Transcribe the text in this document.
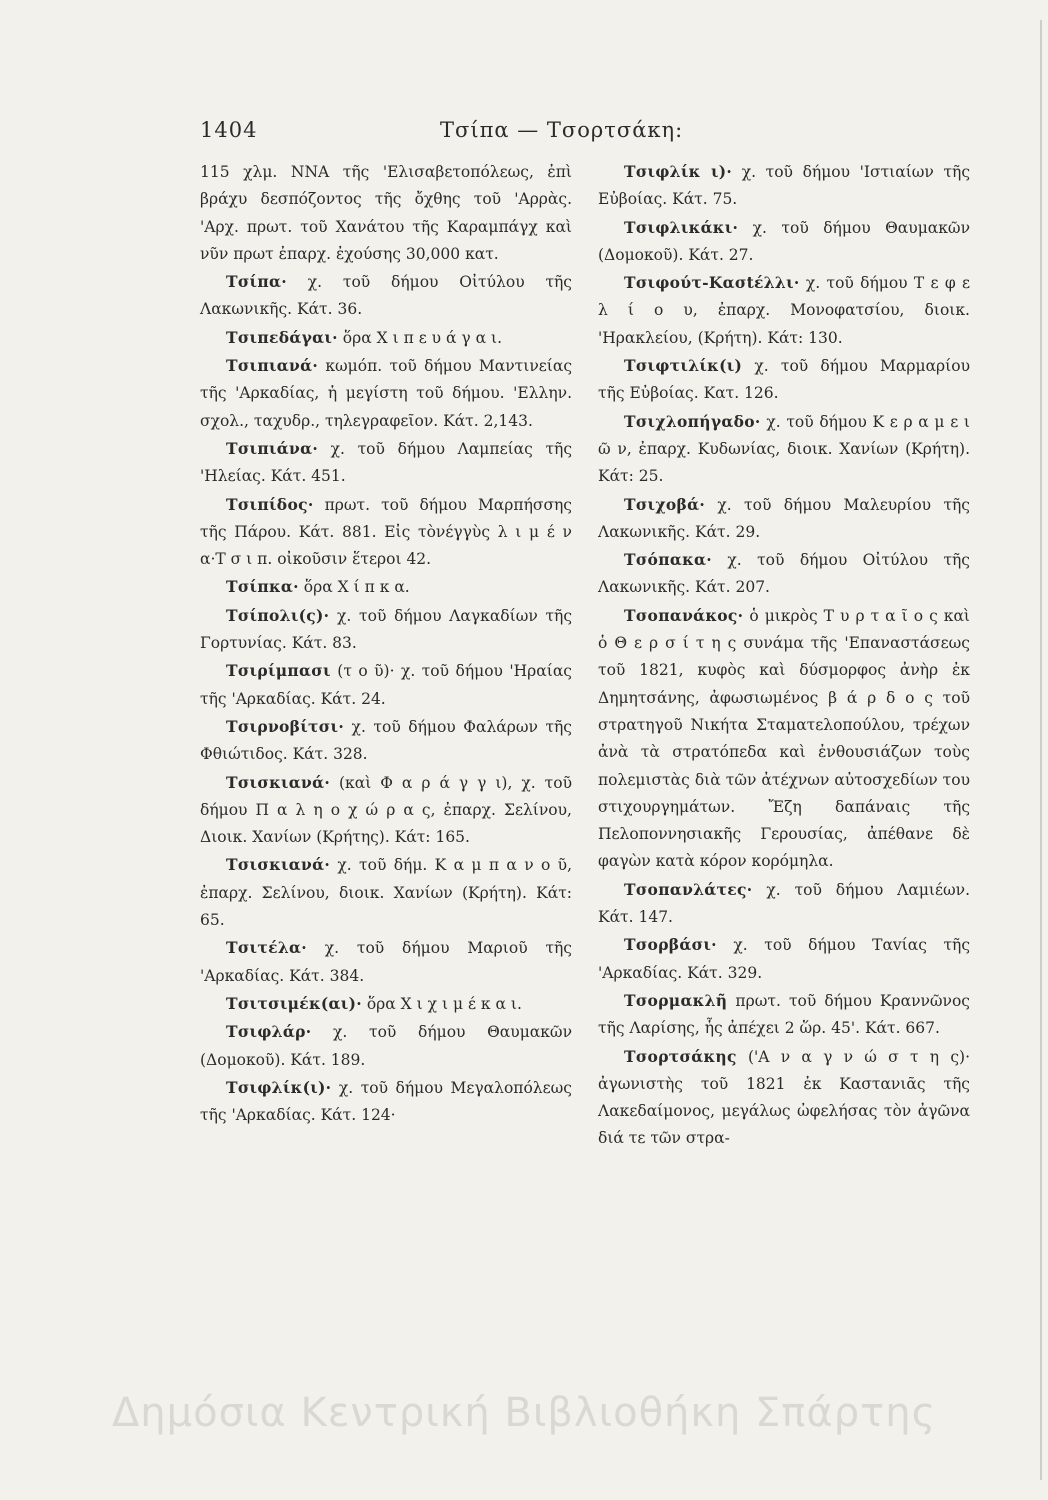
1404	Τσίπα — Τσορτσάκη:

115 χλμ. ΝΝΑ τῆς 'Ελισαβετοπόλεως, ἐπὶ βράχυ δεσπόζοντος τῆς ὄχθης τοῦ 'Αρρὰς. 'Αρχ. πρωτ. τοῦ Χανάτου τῆς Καραμπάγχ καὶ νῦν πρωτ ἐπαρχ. ἐχούσης 30,000 κατ.

Τσίπα· χ. τοῦ δήμου Οἰτύλου τῆς Λακωνικῆς. Κάτ. 36.

Τσιπεδάγαι· ὅρα Χ ι π ε υ ά γ α ι.

Τσιπιανά· κωμόπ. τοῦ δήμου Μαντινείας τῆς 'Αρκαδίας, ἡ μεγίστη τοῦ δήμου. 'Ελλην. σχολ., ταχυδρ., τηλεγραφεῖον. Κάτ. 2,143.

Τσιπιάνα· χ. τοῦ δήμου Λαμπείας τῆς 'Ηλείας. Κάτ. 451.

Τσιπίδος· πρωτ. τοῦ δήμου Μαρπήσσης τῆς Πάρου. Κάτ. 881. Εἰς τὸνέγγὺς λ ι μ έ ν α·Τ σ ι π. οἰκοῦσιν ἕτεροι 42.

Τσίπκα· ὅρα Χ ί π κ α.

Τσίπολι(ς)· χ. τοῦ δήμου Λαγκαδίων τῆς Γορτυνίας. Κάτ. 83.

Τσιρίμπασι (τ ο ῦ)· χ. τοῦ δήμου 'Ηραίας τῆς 'Αρκαδίας. Κάτ. 24.

Τσιρνοβίτσι· χ. τοῦ δήμου Φαλάρων τῆς Φθιώτιδος. Κάτ. 328.

Τσισκιανά· (καὶ Φ α ρ ά γ γ ι), χ. τοῦ δήμου Π α λ η ο χ ώ ρ α ς, ἐπαρχ. Σελίνου, Διοικ. Χανίων (Κρήτης). Κάτ: 165.

Τσισκιανά· χ. τοῦ δήμ. Κ α μ π α ν ο ῦ, ἐπαρχ. Σελίνου, διοικ. Χανίων (Κρήτη). Κάτ: 65.

Τσιτέλα· χ. τοῦ δήμου Μαριοῦ τῆς 'Αρκαδίας. Κάτ. 384.

Τσιτσιμέκ(αι)· ὅρα Χ ι χ ι μ έ κ α ι.

Τσιφλάρ· χ. τοῦ δήμου Θαυμακῶν (Δομοκοῦ). Κάτ. 189.

Τσιφλίκ(ι)· χ. τοῦ δήμου Μεγαλοπόλεως τῆς 'Αρκαδίας. Κάτ. 124·

Τσιφλίκ ι)· χ. τοῦ δήμου 'Ιστιαίων τῆς Εὐβοίας. Κάτ. 75.

Τσιφλικάκι· χ. τοῦ δήμου Θαυμακῶν (Δομοκοῦ). Κάτ. 27.

Τσιφούτ-Κασtέλλι· χ. τοῦ δήμου Τ ε φ ε λ ί ο υ, ἐπαρχ. Μονοφατσίου, διοικ. 'Ηρακλείου, (Κρήτη). Κάτ: 130.

Τσιφτιλίκ(ι) χ. τοῦ δήμου Μαρμαρίου τῆς Εὐβοίας. Κατ. 126.

Τσιχλοπήγαδο· χ. τοῦ δήμου Κ ε ρ α μ ε ι ῶ ν, ἐπαρχ. Κυδωνίας, διοικ. Χανίων (Κρήτη). Κάτ: 25.

Τσιχοβά· χ. τοῦ δήμου Μαλευρίου τῆς Λακωνικῆς. Κάτ. 29.

Τσόπακα· χ. τοῦ δήμου Οἰτύλου τῆς Λακωνικῆς. Κάτ. 207.

Τσοπανάκος· ὁ μικρὸς Τ υ ρ τ α ῖ ο ς καὶ ὁ Θ ε ρ σ ί τ η ς συνάμα τῆς 'Επαναστάσεως τοῦ 1821, κυφὸς καὶ δύσμορφος ἀνὴρ ἐκ Δημητσάνης, ἀφωσιωμένος β ά ρ δ ο ς τοῦ στρατηγοῦ Νικήτα Σταματελοπούλου, τρέχων ἀνὰ τὰ στρατόπεδα καὶ ἐνθουσιάζων τοὺς πολεμιστὰς διὰ τῶν ἀτέχνων αὐτοσχεδίων του στιχουργημάτων. Ἔζη δαπάναις τῆς Πελοποννησιακῆς Γερουσίας, ἀπέθανε δὲ φαγὼν κατὰ κόρον κορόμηλα.

Τσοπανλάτες· χ. τοῦ δήμου Λαμιέων. Κάτ. 147.

Τσορβάσι· χ. τοῦ δήμου Ταvίας τῆς 'Αρκαδίας. Κάτ. 329.

Τσορμακλῆ πρωτ. τοῦ δήμου Κραννῶνος τῆς Λαρίσης, ἧς ἀπέχει 2 ὥρ. 45'. Κάτ. 667.

Τσορτσάκης ('Α ν α γ ν ώ σ τ η ς)· ἀγωνιστὴς τοῦ 1821 ἐκ Καστανιᾶς τῆς Λακεδαίμονος, μεγάλως ὠφελήσας τὸν ἀγῶνα διά τε τῶν στρα-

Δημόσια Κεντρική Βιβλιοθήκη Σπάρτης
